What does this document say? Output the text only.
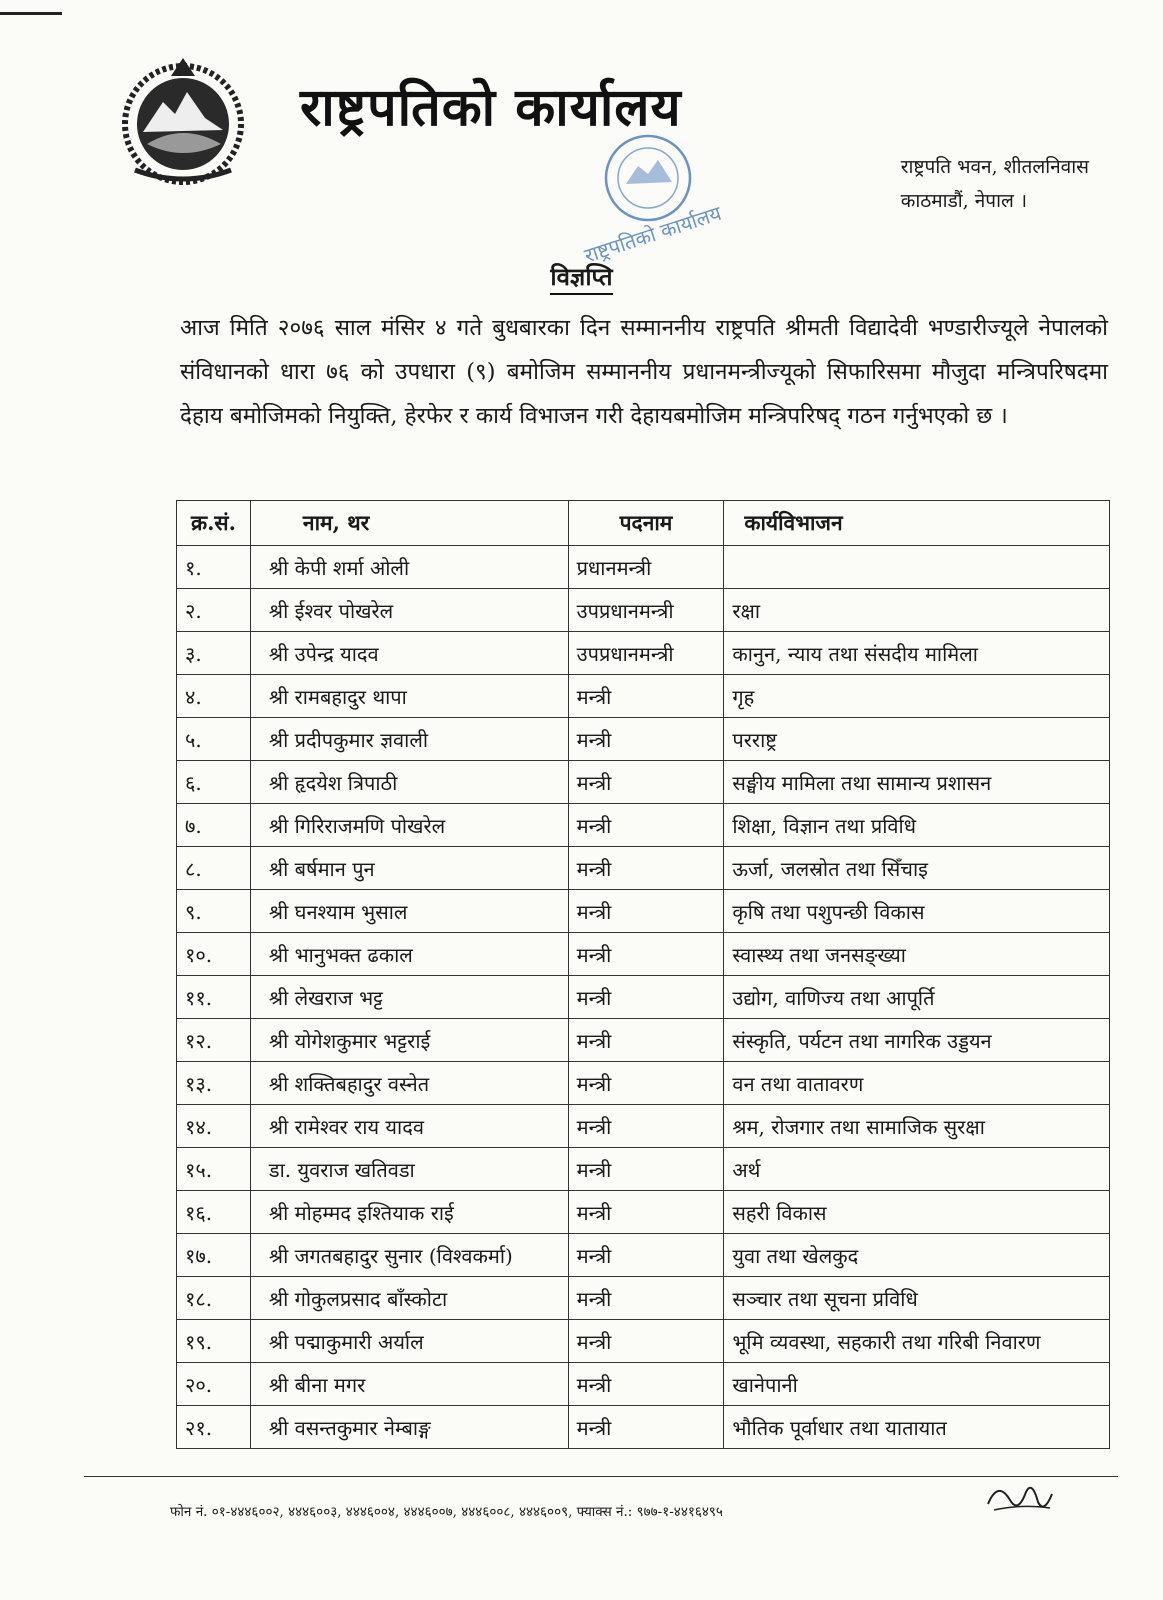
राष्ट्रपतिको कार्यालय
राष्ट्रपति भवन, शीतलनिवास
काठमाडौं, नेपाल ।
राष्ट्रपतिको कार्यालय
विज्ञप्ति
आज मिति २०७६ साल मंसिर ४ गते बुधबारका दिन सम्माननीय राष्ट्रपति श्रीमती विद्यादेवी भण्डारीज्यूले नेपालको संविधानको धारा ७६ को उपधारा (९) बमोजिम सम्माननीय प्रधानमन्त्रीज्यूको सिफारिसमा मौजुदा मन्त्रिपरिषदमा देहाय बमोजिमको नियुक्ति, हेरफेर र कार्य विभाजन गरी देहायबमोजिम मन्त्रिपरिषद् गठन गर्नुभएको छ ।
क्र.सं.	नाम, थर	पदनाम	कार्यविभाजन
१.	श्री केपी शर्मा ओली	प्रधानमन्त्री	
२.	श्री ईश्वर पोखरेल	उपप्रधानमन्त्री	रक्षा
३.	श्री उपेन्द्र यादव	उपप्रधानमन्त्री	कानुन, न्याय तथा संसदीय मामिला
४.	श्री रामबहादुर थापा	मन्त्री	गृह
५.	श्री प्रदीपकुमार ज्ञवाली	मन्त्री	परराष्ट्र
६.	श्री हृदयेश त्रिपाठी	मन्त्री	सङ्घीय मामिला तथा सामान्य प्रशासन
७.	श्री गिरिराजमणि पोखरेल	मन्त्री	शिक्षा, विज्ञान तथा प्रविधि
८.	श्री बर्षमान पुन	मन्त्री	ऊर्जा, जलस्रोत तथा सिँचाइ
९.	श्री घनश्याम भुसाल	मन्त्री	कृषि तथा पशुपन्छी विकास
१०.	श्री भानुभक्त ढकाल	मन्त्री	स्वास्थ्य तथा जनसङ्ख्या
११.	श्री लेखराज भट्ट	मन्त्री	उद्योग, वाणिज्य तथा आपूर्ति
१२.	श्री योगेशकुमार भट्टराई	मन्त्री	संस्कृति, पर्यटन तथा नागरिक उड्डयन
१३.	श्री शक्तिबहादुर वस्नेत	मन्त्री	वन तथा वातावरण
१४.	श्री रामेश्वर राय यादव	मन्त्री	श्रम, रोजगार तथा सामाजिक सुरक्षा
१५.	डा. युवराज खतिवडा	मन्त्री	अर्थ
१६.	श्री मोहम्मद इश्तियाक राई	मन्त्री	सहरी विकास
१७.	श्री जगतबहादुर सुनार (विश्वकर्मा)	मन्त्री	युवा तथा खेलकुद
१८.	श्री गोकुलप्रसाद बाँस्कोटा	मन्त्री	सञ्चार तथा सूचना प्रविधि
१९.	श्री पद्माकुमारी अर्याल	मन्त्री	भूमि व्यवस्था, सहकारी तथा गरिबी निवारण
२०.	श्री बीना मगर	मन्त्री	खानेपानी
२१.	श्री वसन्तकुमार नेम्बाङ्ग	मन्त्री	भौतिक पूर्वाधार तथा यातायात
फोन नं. ०१-४४४६००२, ४४४६००३, ४४४६००४, ४४४६००७, ४४४६००८, ४४४६००९, फ्याक्स नं.: ९७७-१-४४१६४९५
